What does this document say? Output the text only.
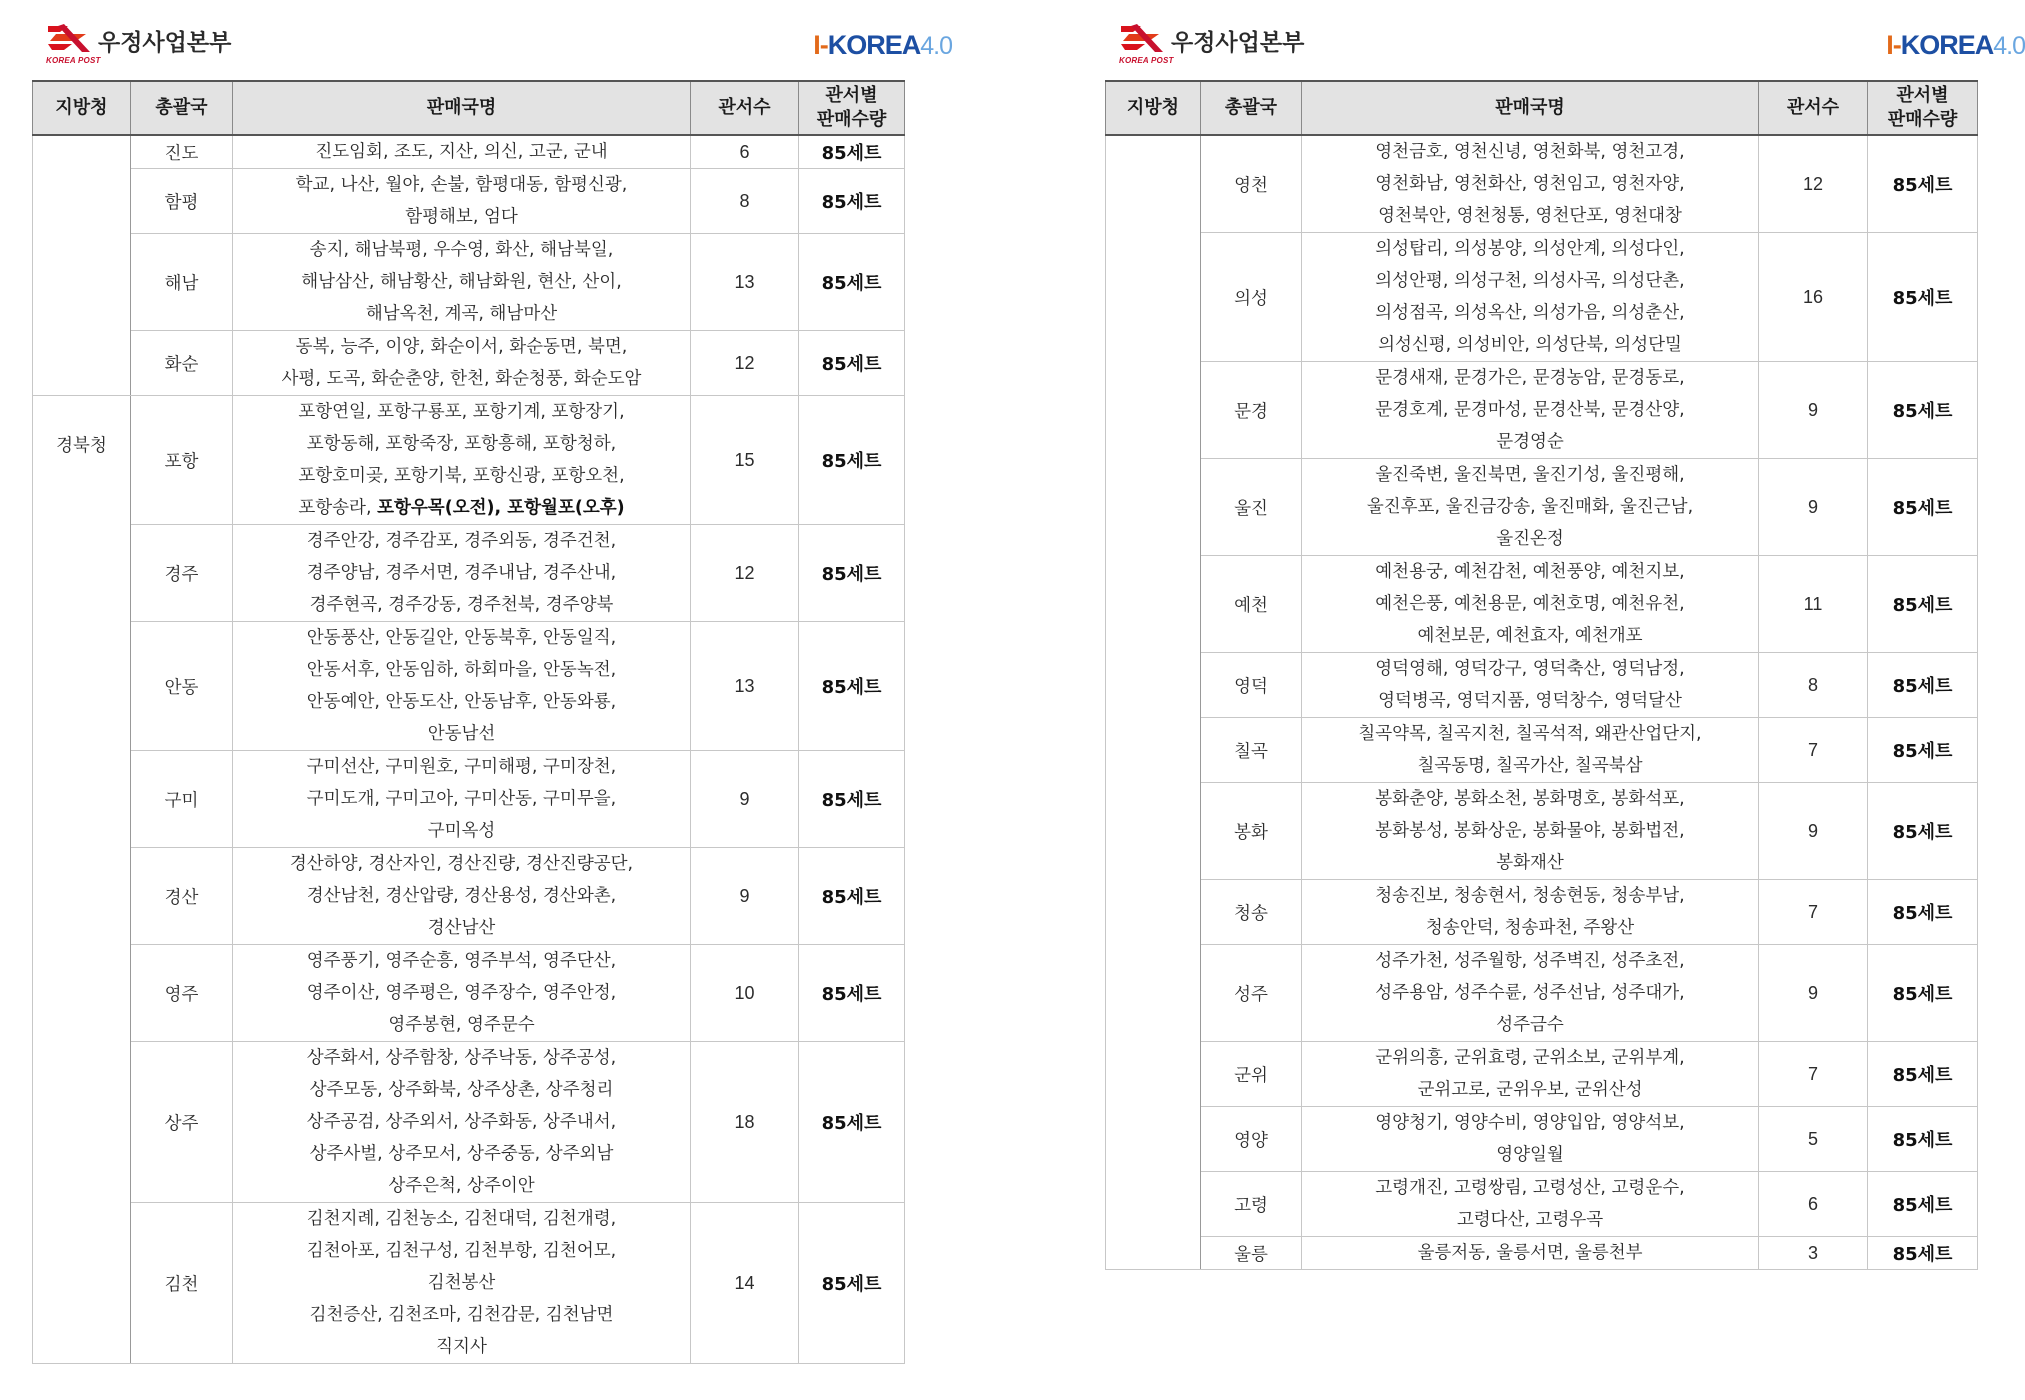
KOREA POST
우정사업본부	I-KOREA4.0
지방청	총괄국	판매국명	관서수	관서별
판매수량
	진도	진도임회, 조도, 지산, 의신, 고군, 군내	6	85세트
	함평	학교, 나산, 월야, 손불, 함평대동, 함평신광,
함평해보, 엄다	8	85세트
	해남	송지, 해남북평, 우수영, 화산, 해남북일,
해남삼산, 해남황산, 해남화원, 현산, 산이,
해남옥천, 계곡, 해남마산	13	85세트
	화순	동복, 능주, 이양, 화순이서, 화순동면, 북면,
사평, 도곡, 화순춘양, 한천, 화순청풍, 화순도암	12	85세트
경북청	포항	포항연일, 포항구룡포, 포항기계, 포항장기,
포항동해, 포항죽장, 포항흥해, 포항청하,
포항호미곶, 포항기북, 포항신광, 포항오천,
포항송라, 포항우목(오전), 포항월포(오후)	15	85세트
	경주	경주안강, 경주감포, 경주외동, 경주건천,
경주양남, 경주서면, 경주내남, 경주산내,
경주현곡, 경주강동, 경주천북, 경주양북	12	85세트
	안동	안동풍산, 안동길안, 안동북후, 안동일직,
안동서후, 안동임하, 하회마을, 안동녹전,
안동예안, 안동도산, 안동남후, 안동와룡,
안동남선	13	85세트
	구미	구미선산, 구미원호, 구미해평, 구미장천,
구미도개, 구미고아, 구미산동, 구미무을,
구미옥성	9	85세트
	경산	경산하양, 경산자인, 경산진량, 경산진량공단,
경산남천, 경산압량, 경산용성, 경산와촌,
경산남산	9	85세트
	영주	영주풍기, 영주순흥, 영주부석, 영주단산,
영주이산, 영주평은, 영주장수, 영주안정,
영주봉현, 영주문수	10	85세트
	상주	상주화서, 상주함창, 상주낙동, 상주공성,
상주모동, 상주화북, 상주상촌, 상주청리
상주공검, 상주외서, 상주화동, 상주내서,
상주사벌, 상주모서, 상주중동, 상주외남
상주은척, 상주이안	18	85세트
	김천	김천지례, 김천농소, 김천대덕, 김천개령,
김천아포, 김천구성, 김천부항, 김천어모,
김천봉산
김천증산, 김천조마, 김천감문, 김천남면
직지사	14	85세트
KOREA POST
우정사업본부	I-KOREA4.0
지방청	총괄국	판매국명	관서수	관서별
판매수량
	영천	영천금호, 영천신녕, 영천화북, 영천고경,
영천화남, 영천화산, 영천임고, 영천자양,
영천북안, 영천청통, 영천단포, 영천대창	12	85세트
	의성	의성탑리, 의성봉양, 의성안계, 의성다인,
의성안평, 의성구천, 의성사곡, 의성단촌,
의성점곡, 의성옥산, 의성가음, 의성춘산,
의성신평, 의성비안, 의성단북, 의성단밀	16	85세트
	문경	문경새재, 문경가은, 문경농암, 문경동로,
문경호계, 문경마성, 문경산북, 문경산양,
문경영순	9	85세트
	울진	울진죽변, 울진북면, 울진기성, 울진평해,
울진후포, 울진금강송, 울진매화, 울진근남,
울진온정	9	85세트
	예천	예천용궁, 예천감천, 예천풍양, 예천지보,
예천은풍, 예천용문, 예천호명, 예천유천,
예천보문, 예천효자, 예천개포	11	85세트
	영덕	영덕영해, 영덕강구, 영덕축산, 영덕남정,
영덕병곡, 영덕지품, 영덕창수, 영덕달산	8	85세트
	칠곡	칠곡약목, 칠곡지천, 칠곡석적, 왜관산업단지,
칠곡동명, 칠곡가산, 칠곡북삼	7	85세트
	봉화	봉화춘양, 봉화소천, 봉화명호, 봉화석포,
봉화봉성, 봉화상운, 봉화물야, 봉화법전,
봉화재산	9	85세트
	청송	청송진보, 청송현서, 청송현동, 청송부남,
청송안덕, 청송파천, 주왕산	7	85세트
	성주	성주가천, 성주월항, 성주벽진, 성주초전,
성주용암, 성주수륜, 성주선남, 성주대가,
성주금수	9	85세트
	군위	군위의흥, 군위효령, 군위소보, 군위부계,
군위고로, 군위우보, 군위산성	7	85세트
	영양	영양청기, 영양수비, 영양입암, 영양석보,
영양일월	5	85세트
	고령	고령개진, 고령쌍림, 고령성산, 고령운수,
고령다산, 고령우곡	6	85세트
	울릉	울릉저동, 울릉서면, 울릉천부	3	85세트
